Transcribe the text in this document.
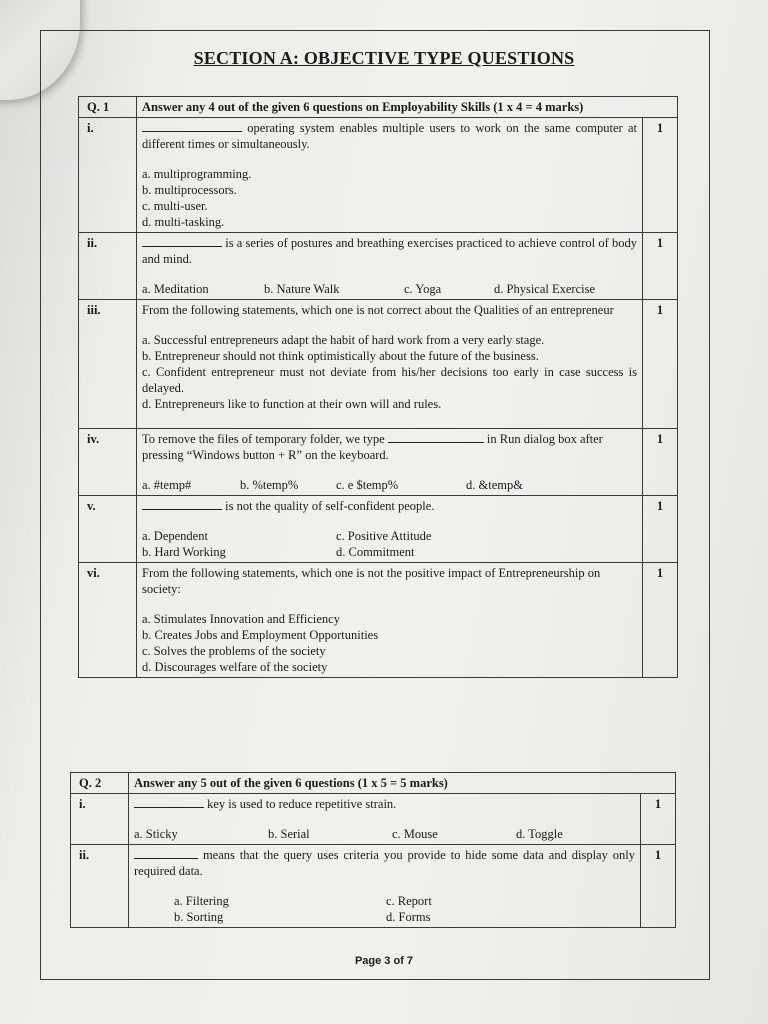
SECTION A: OBJECTIVE TYPE QUESTIONS
Q. 1	Answer any 4 out of the given 6 questions on Employability Skills (1 x 4 = 4 marks)	
i.	operating system enables multiple users to work on the same computer at different times or simultaneously.
a. multiprogramming.
b. multiprocessors.
c. multi-user.
d. multi-tasking.	1
ii.	is a series of postures and breathing exercises practiced to achieve control of body and mind.
a. Meditation b. Nature Walk c. Yoga d. Physical Exercise	1
iii.	From the following statements, which one is not correct about the Qualities of an entrepreneur
a. Successful entrepreneurs adapt the habit of hard work from a very early stage.
b. Entrepreneur should not think optimistically about the future of the business.
c. Confident entrepreneur must not deviate from his/her decisions too early in case success is delayed.
d. Entrepreneurs like to function at their own will and rules.	1
iv.	To remove the files of temporary folder, we type in Run dialog box after pressing “Windows button + R” on the keyboard.
a. #temp# b. %temp% c. e $temp% d. &temp&	1
v.	is not the quality of self-confident people.
a. Dependent c. Positive Attitude
b. Hard Working d. Commitment	1
vi.	From the following statements, which one is not the positive impact of Entrepreneurship on society:
a. Stimulates Innovation and Efficiency
b. Creates Jobs and Employment Opportunities
c. Solves the problems of the society
d. Discourages welfare of the society	1
Q. 2	Answer any 5 out of the given 6 questions (1 x 5 = 5 marks)	
i.	key is used to reduce repetitive strain.
a. Sticky b. Serial c. Mouse d. Toggle	1
ii.	means that the query uses criteria you provide to hide some data and display only required data.
a. Filtering c. Report
b. Sorting d. Forms	1
Page 3 of 7
